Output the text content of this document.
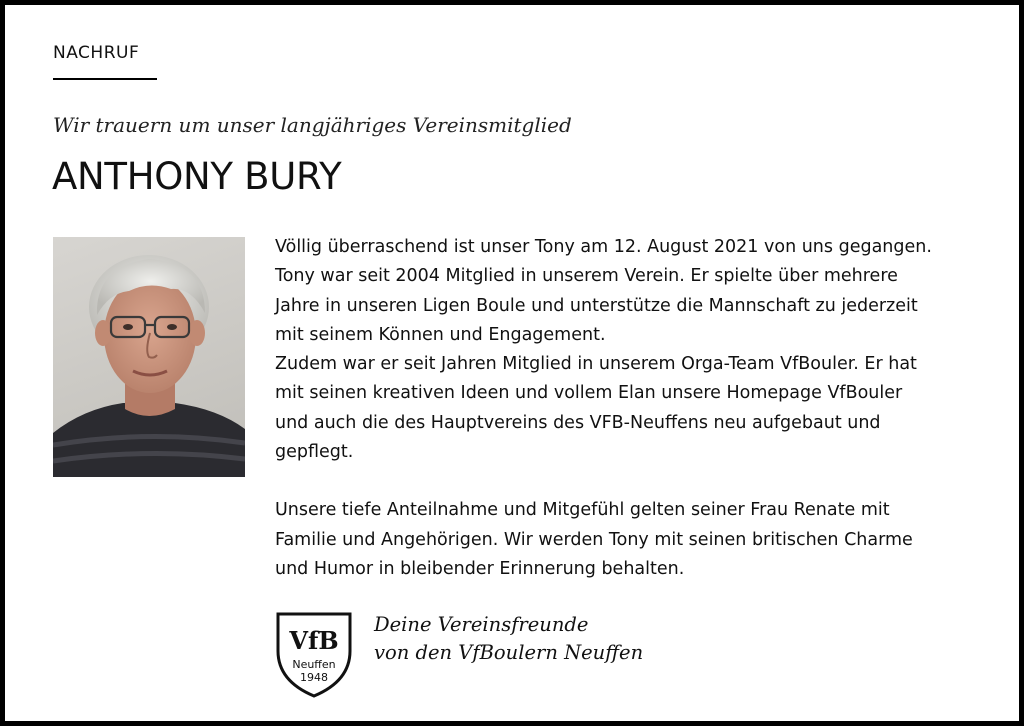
NACHRUF
Wir trauern um unser langjähriges Vereinsmitglied
ANTHONY BURY

Völlig überraschend ist unser Tony am 12. August 2021 von uns gegangen.

Tony war seit 2004 Mitglied in unserem Verein. Er spielte über mehrere

Jahre in unseren Ligen Boule und unterstütze die Mannschaft zu jederzeit

mit seinem Können und Engagement.

Zudem war er seit Jahren Mitglied in unserem Orga-Team VfBouler. Er hat

mit seinen kreativen Ideen und vollem Elan unsere Homepage VfBouler

und auch die des Hauptvereins des VFB-Neuffens neu aufgebaut und

gepflegt.

Unsere tiefe Anteilnahme und Mitgefühl gelten seiner Frau Renate mit

Familie und Angehörigen. Wir werden Tony mit seinen britischen Charme

und Humor in bleibender Erinnerung behalten.

VfB
Neuffen
1948
Deine Vereinsfreunde
von den VfBoulern Neuffen
